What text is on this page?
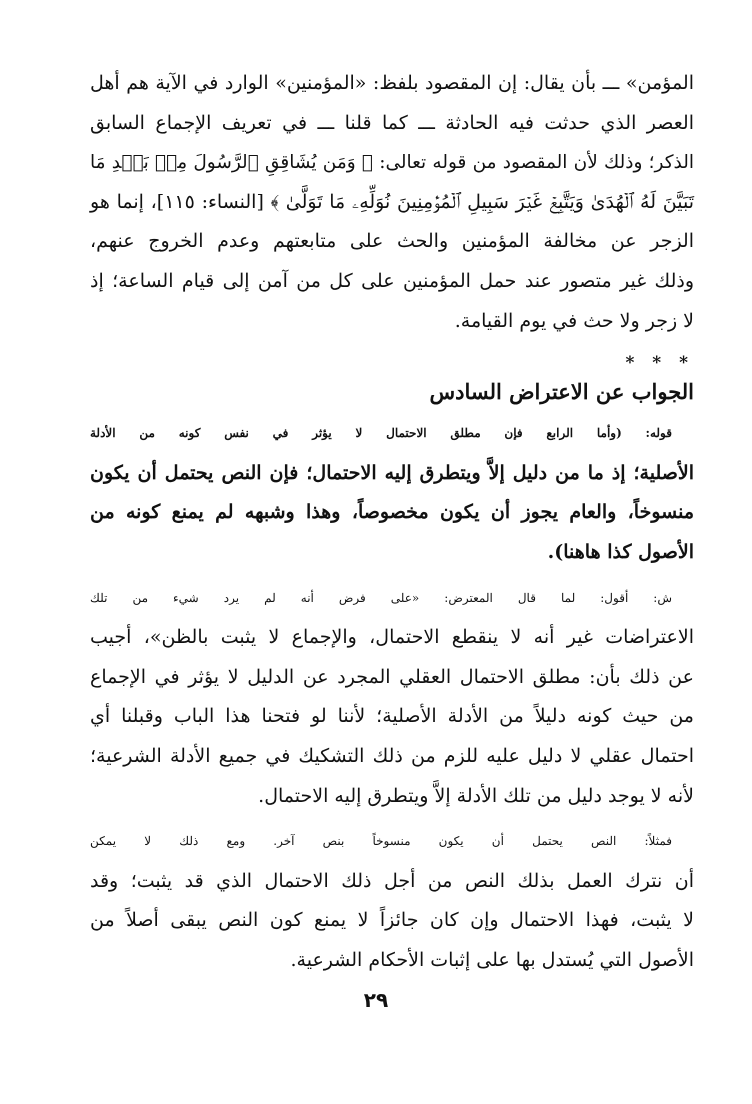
المؤمن» ـــ بأن يقال: إن المقصود بلفظ: «المؤمنين» الوارد في الآية هم أهل
العصر الذي حدثت فيه الحادثة ـــ كما قلنا ـــ في تعريف الإجماع السابق
الذكر؛ وذلك لأن المقصود من قوله تعالى: ﴿ وَمَن يُشَاقِقِ ٱلرَّسُولَ مِنۢ بَعۡدِ مَا
تَبَيَّنَ لَهُ ٱلۡهُدَىٰ وَيَتَّبِعۡ غَيۡرَ سَبِيلِ ٱلۡمُؤۡمِنِينَ نُوَلِّهِۦ مَا تَوَلَّىٰ ﴾ [النساء: ١١٥]، إنما هو
الزجر عن مخالفة المؤمنين والحث على متابعتهم وعدم الخروج عنهم،
وذلك غير متصور عند حمل المؤمنين على كل من آمن إلى قيام الساعة؛ إذ
لا زجر ولا حث في يوم القيامة.
* * *
الجواب عن الاعتراض السادس
قوله: (وأما الرابع فإن مطلق الاحتمال لا يؤثر في نفس كونه من الأدلة
الأصلية؛ إذ ما من دليل إلاَّ ويتطرق إليه الاحتمال؛ فإن النص يحتمل أن يكون
منسوخاً، والعام يجوز أن يكون مخصوصاً، وهذا وشبهه لم يمنع كونه من
الأصول كذا هاهنا).
ش: أقول: لما قال المعترض: «على فرض أنه لم يرد شيء من تلك
الاعتراضات غير أنه لا ينقطع الاحتمال، والإجماع لا يثبت بالظن»، أجيب
عن ذلك بأن: مطلق الاحتمال العقلي المجرد عن الدليل لا يؤثر في الإجماع
من حيث كونه دليلاً من الأدلة الأصلية؛ لأننا لو فتحنا هذا الباب وقبلنا أي
احتمال عقلي لا دليل عليه للزم من ذلك التشكيك في جميع الأدلة الشرعية؛
لأنه لا يوجد دليل من تلك الأدلة إلاَّ ويتطرق إليه الاحتمال.
فمثلاً: النص يحتمل أن يكون منسوخاً بنص آخر. ومع ذلك لا يمكن
أن نترك العمل بذلك النص من أجل ذلك الاحتمال الذي قد يثبت؛ وقد
لا يثبت، فهذا الاحتمال وإن كان جائزاً لا يمنع كون النص يبقى أصلاً من
الأصول التي يُستدل بها على إثبات الأحكام الشرعية.
٢٩
